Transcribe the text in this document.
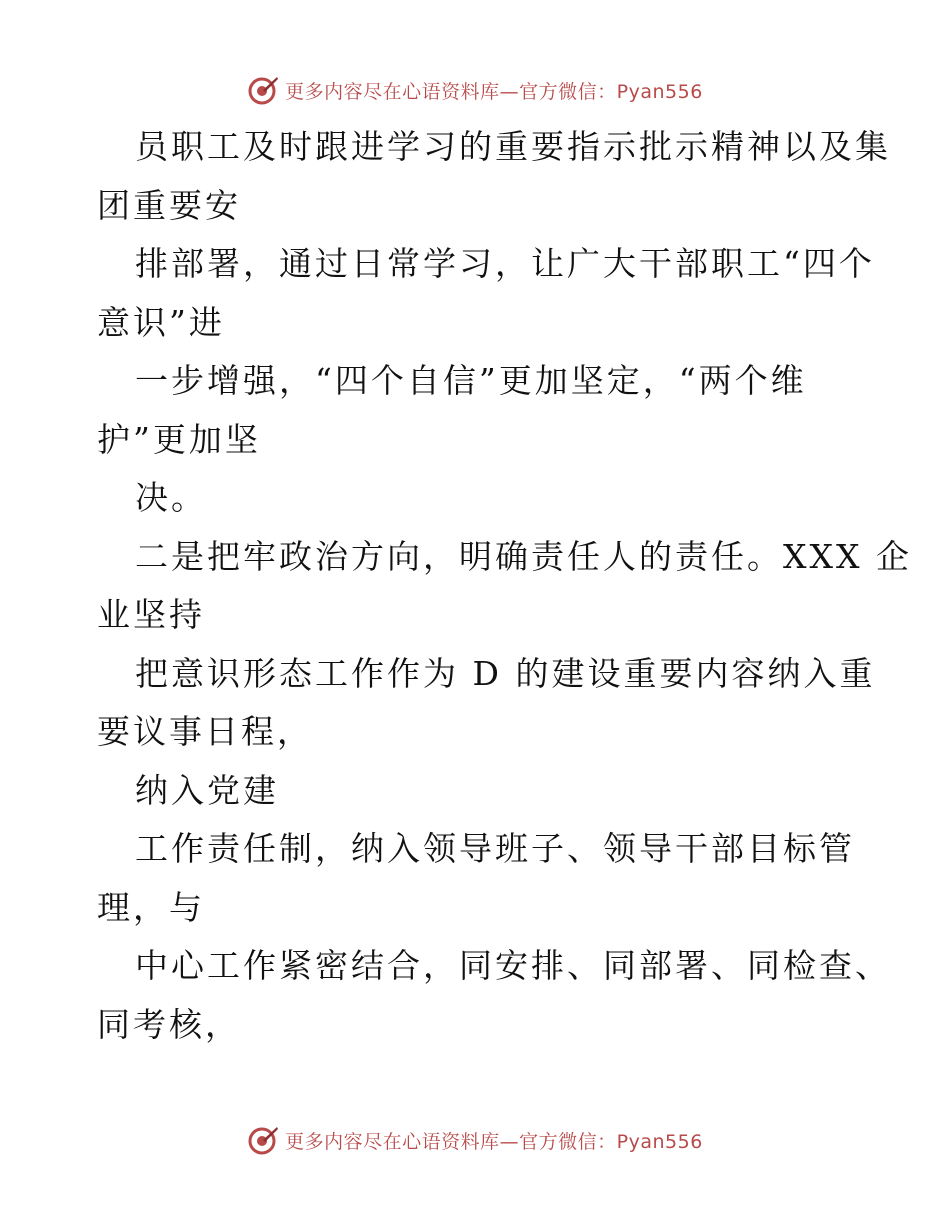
更多内容尽在心语资料库—官方微信：Pyan556
员职工及时跟进学习的重要指示批示精神以及集
团重要安
排部署，通过日常学习，让广大干部职工“四个
意识”进
一步增强，“四个自信”更加坚定，“两个维
护”更加坚
决。
二是把牢政治方向，明确责任人的责任。XXX 企
业坚持
把意识形态工作作为 D 的建设重要内容纳入重
要议事日程，
纳入党建
工作责任制，纳入领导班子、领导干部目标管
理，与
中心工作紧密结合，同安排、同部署、同检查、
同考核，
更多内容尽在心语资料库—官方微信：Pyan556
